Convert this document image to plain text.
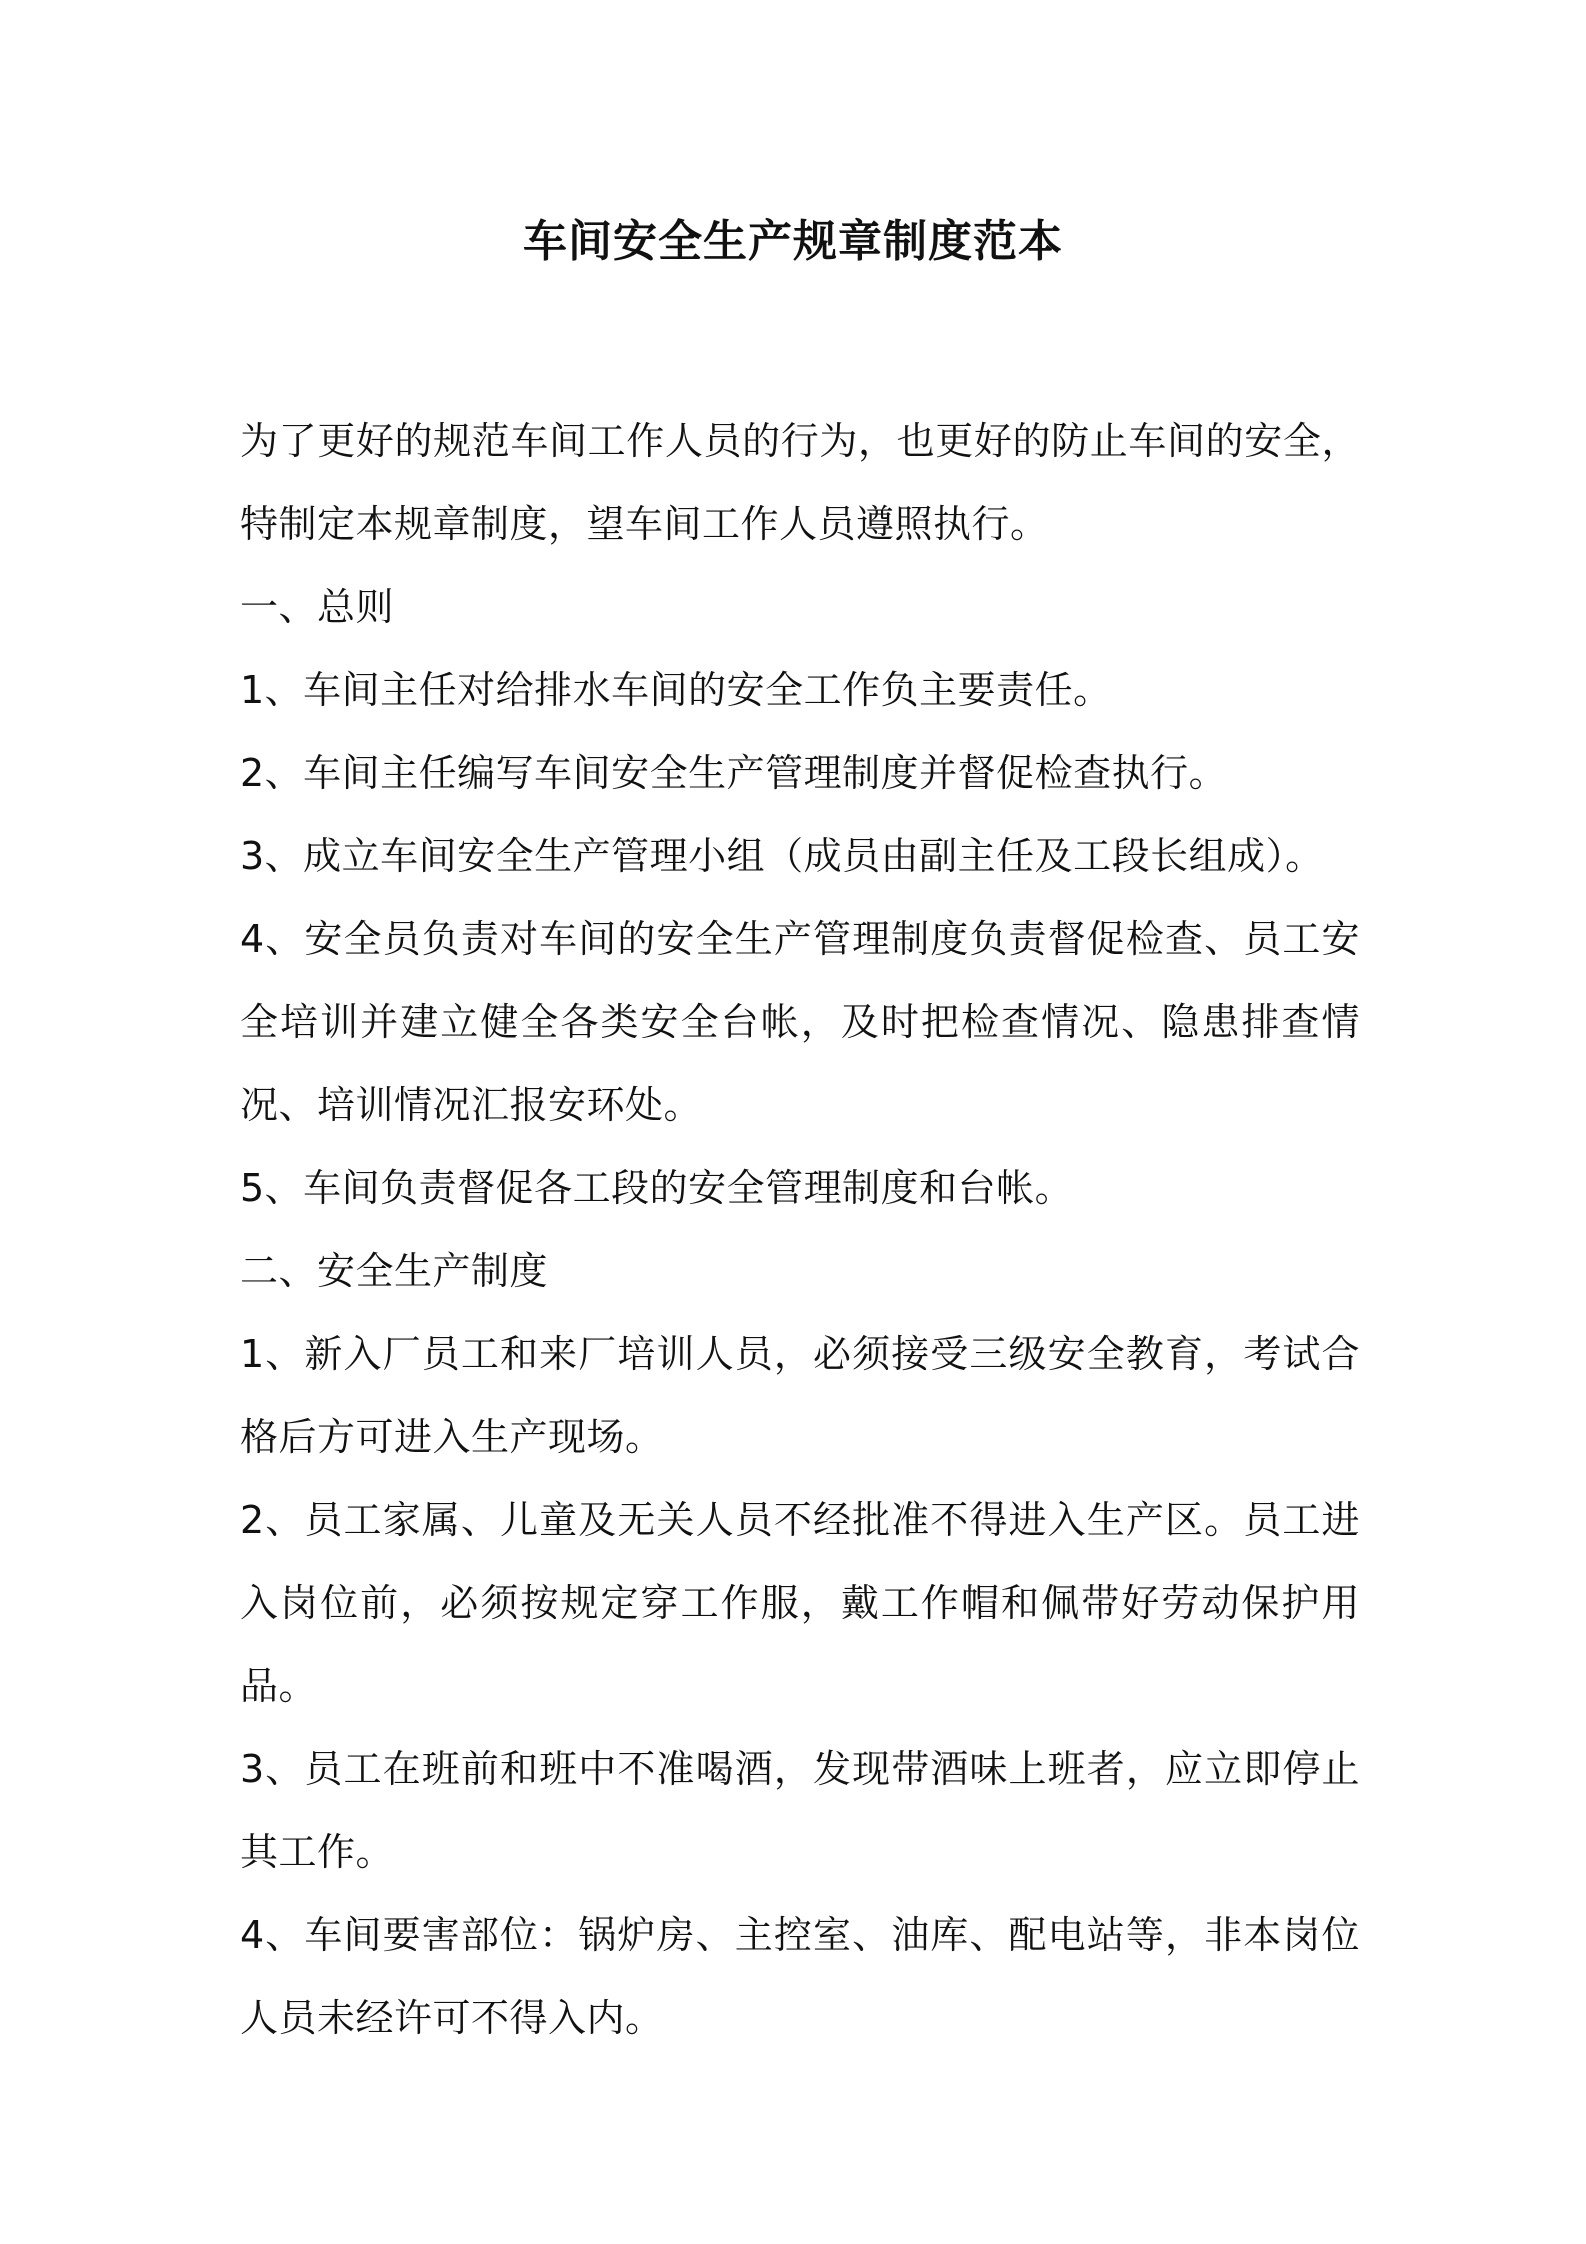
车间安全生产规章制度范本

为了更好的规范车间工作人员的行为，也更好的防止车间的安全，特制定本规章制度，望车间工作人员遵照执行。

一、总则

1、车间主任对给排水车间的安全工作负主要责任。

2、车间主任编写车间安全生产管理制度并督促检查执行。

3、成立车间安全生产管理小组（成员由副主任及工段长组成）。

4、安全员负责对车间的安全生产管理制度负责督促检查、员工安全培训并建立健全各类安全台帐，及时把检查情况、隐患排查情况、培训情况汇报安环处。

5、车间负责督促各工段的安全管理制度和台帐。

二、安全生产制度

1、新入厂员工和来厂培训人员，必须接受三级安全教育，考试合格后方可进入生产现场。

2、员工家属、儿童及无关人员不经批准不得进入生产区。员工进入岗位前，必须按规定穿工作服，戴工作帽和佩带好劳动保护用品。

3、员工在班前和班中不准喝酒，发现带酒味上班者，应立即停止其工作。

4、车间要害部位：锅炉房、主控室、油库、配电站等，非本岗位人员未经许可不得入内。
